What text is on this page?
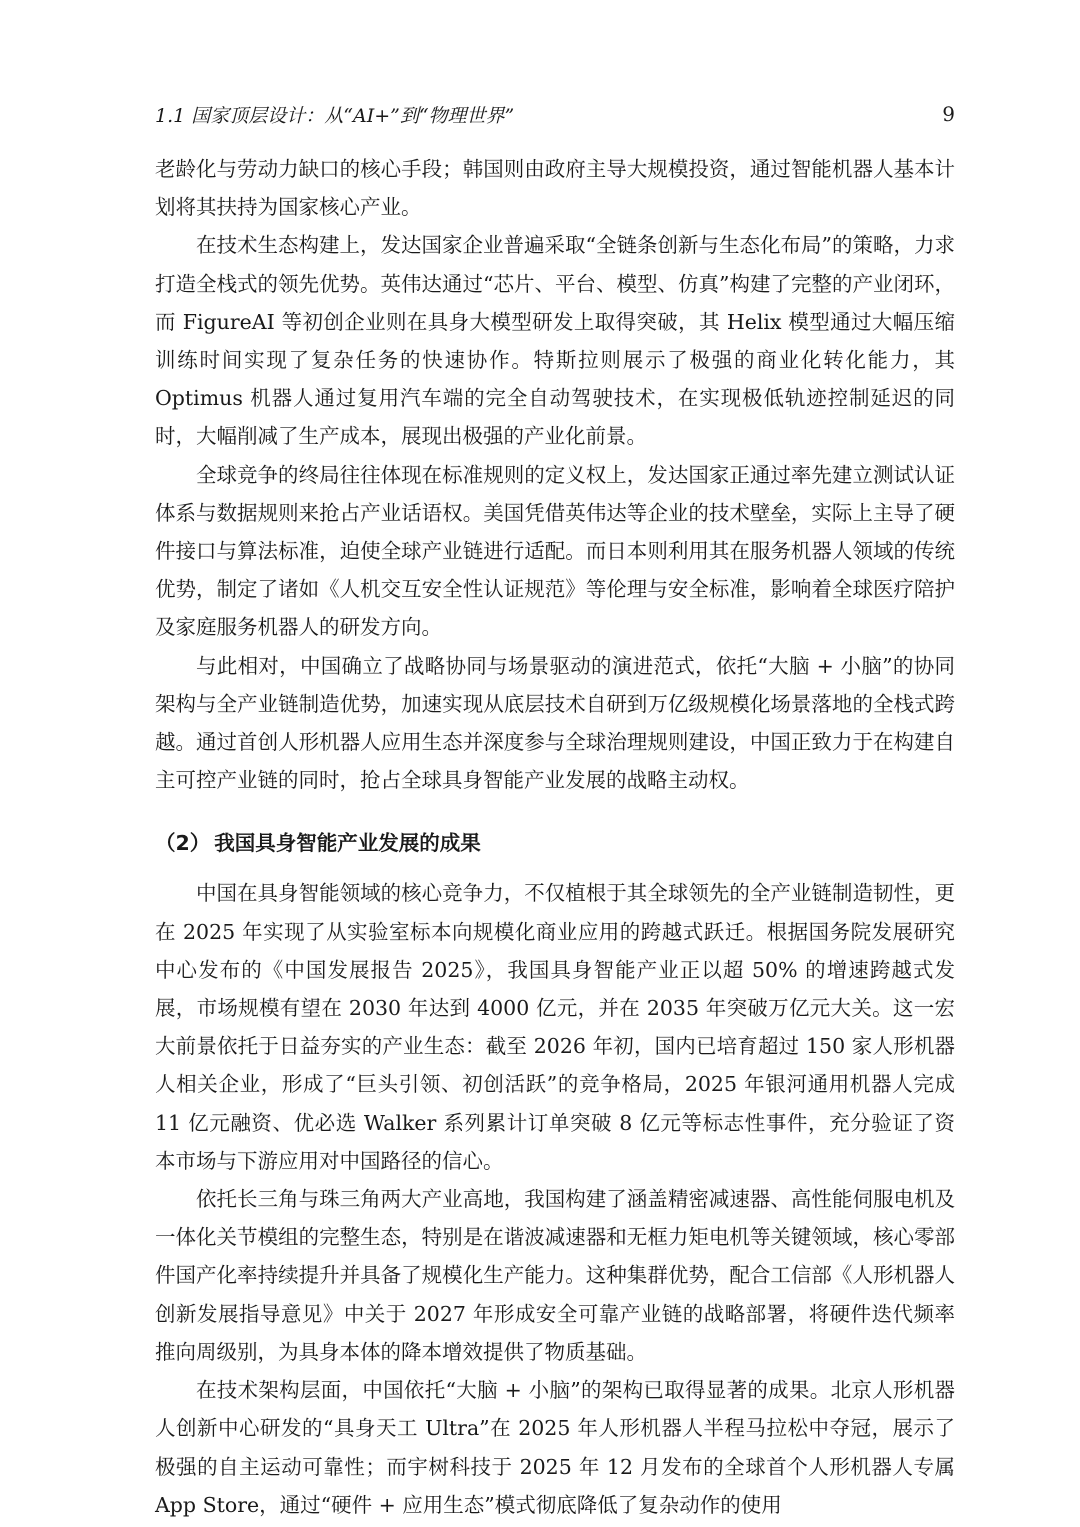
1.1 国家顶层设计：从“AI+”到“物理世界”	9

老龄化与劳动力缺口的核心手段；韩国则由政府主导大规模投资，通过智能机器人基本计划将其扶持为国家核心产业。

在技术生态构建上，发达国家企业普遍采取“全链条创新与生态化布局”的策略，力求打造全栈式的领先优势。英伟达通过“芯片、平台、模型、仿真”构建了完整的产业闭环，而 FigureAI 等初创企业则在具身大模型研发上取得突破，其 Helix 模型通过大幅压缩训练时间实现了复杂任务的快速协作。特斯拉则展示了极强的商业化转化能力，其 Optimus 机器人通过复用汽车端的完全自动驾驶技术，在实现极低轨迹控制延迟的同时，大幅削减了生产成本，展现出极强的产业化前景。

全球竞争的终局往往体现在标准规则的定义权上，发达国家正通过率先建立测试认证体系与数据规则来抢占产业话语权。美国凭借英伟达等企业的技术壁垒，实际上主导了硬件接口与算法标准，迫使全球产业链进行适配。而日本则利用其在服务机器人领域的传统优势，制定了诸如《人机交互安全性认证规范》等伦理与安全标准，影响着全球医疗陪护及家庭服务机器人的研发方向。

与此相对，中国确立了战略协同与场景驱动的演进范式，依托“大脑 + 小脑”的协同架构与全产业链制造优势，加速实现从底层技术自研到万亿级规模化场景落地的全栈式跨越。通过首创人形机器人应用生态并深度参与全球治理规则建设，中国正致力于在构建自主可控产业链的同时，抢占全球具身智能产业发展的战略主动权。

（2） 我国具身智能产业发展的成果

中国在具身智能领域的核心竞争力，不仅植根于其全球领先的全产业链制造韧性，更在 2025 年实现了从实验室标本向规模化商业应用的跨越式跃迁。根据国务院发展研究中心发布的《中国发展报告 2025》，我国具身智能产业正以超 50% 的增速跨越式发展，市场规模有望在 2030 年达到 4000 亿元，并在 2035 年突破万亿元大关。这一宏大前景依托于日益夯实的产业生态：截至 2026 年初，国内已培育超过 150 家人形机器人相关企业，形成了“巨头引领、初创活跃”的竞争格局，2025 年银河通用机器人完成 11 亿元融资、优必选 Walker 系列累计订单突破 8 亿元等标志性事件，充分验证了资本市场与下游应用对中国路径的信心。

依托长三角与珠三角两大产业高地，我国构建了涵盖精密减速器、高性能伺服电机及一体化关节模组的完整生态，特别是在谐波减速器和无框力矩电机等关键领域，核心零部件国产化率持续提升并具备了规模化生产能力。这种集群优势，配合工信部《人形机器人创新发展指导意见》中关于 2027 年形成安全可靠产业链的战略部署，将硬件迭代频率推向周级别，为具身本体的降本增效提供了物质基础。

在技术架构层面，中国依托“大脑 + 小脑”的架构已取得显著的成果。北京人形机器人创新中心研发的“具身天工 Ultra”在 2025 年人形机器人半程马拉松中夺冠，展示了极强的自主运动可靠性；而宇树科技于 2025 年 12 月发布的全球首个人形机器人专属 App Store，通过“硬件 + 应用生态”模式彻底降低了复杂动作的使用
